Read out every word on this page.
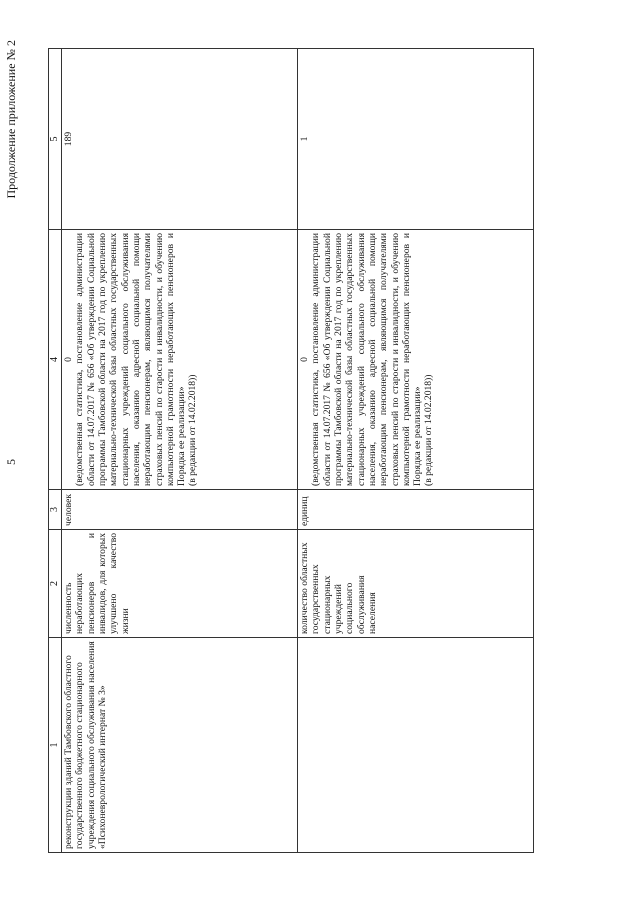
5
Продолжение приложение № 2
1	2	3	4	5
реконструкции зданий Тамбовского областного государственного бюджетного стационарного учреждения социального обслуживания населения «Психоневрологический интернат № 3»	численность неработающих пенсионеров и инвалидов, для которых улучшено качество жизни	человек	0 (ведомственная статистика, постановление администрации области от 14.07.2017 № 656 «Об утверждении Социальной программы Тамбовской области на 2017 год по укреплению материально-технической базы областных государственных стационарных учреждений социального обслуживания населения, оказанию адресной социальной помощи неработающим пенсионерам, являющимся получателями страховых пенсий по старости и инвалидности, и обучению компьютерной грамотности неработающих пенсионеров и Порядка ее реализации» (в редакции от 14.02.2018))	189

	количество областных государственных стационарных учреждений социального обслуживания населения	единиц	0 (ведомственная статистика, постановление администрации области от 14.07.2017 № 656 «Об утверждении Социальной программы Тамбовской области на 2017 год по укреплению материально-технической базы областных государственных стационарных учреждений социального обслуживания населения, оказанию адресной социальной помощи неработающим пенсионерам, являющимся получателями страховых пенсий по старости и инвалидности, и обучению компьютерной грамотности неработающих пенсионеров и Порядка ее реализации» (в редакции от 14.02.2018))	1
